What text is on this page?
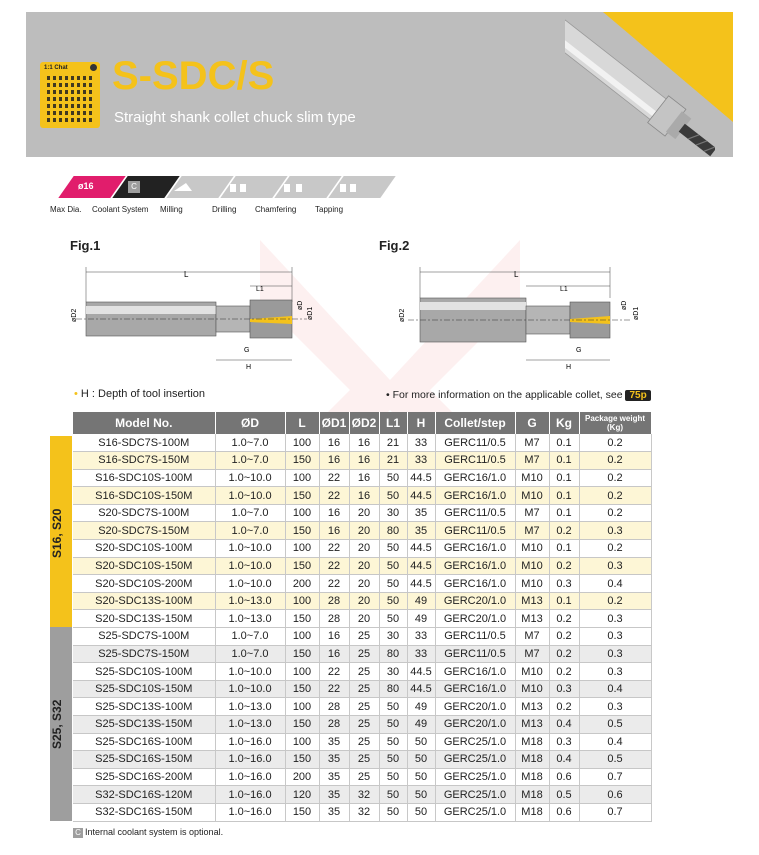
1:1 Chat S-SDC/S
Straight shank collet chuck slim type
ø16	C
Max Dia. Coolant System Milling	Drilling Chamfering Tapping
Fig.1	Fig.2
L
L1
øD2
øD
øD1
G
H
L
L1
øD2
øD
øD1
G
H
• H : Depth of tool insertion	• For more information on the applicable collet, see 75p
S16, S20
S25, S32
Model No.	ØD	L	ØD1	ØD2	L1	H	Collet/step	G	Kg	Package weight (Kg)
S16-SDC7S-100M	1.0~7.0	100	16	16	21	33	GERC11/0.5	M7	0.1	0.2
S16-SDC7S-150M	1.0~7.0	150	16	16	21	33	GERC11/0.5	M7	0.1	0.2
S16-SDC10S-100M	1.0~10.0	100	22	16	50	44.5	GERC16/1.0	M10	0.1	0.2
S16-SDC10S-150M	1.0~10.0	150	22	16	50	44.5	GERC16/1.0	M10	0.1	0.2
S20-SDC7S-100M	1.0~7.0	100	16	20	30	35	GERC11/0.5	M7	0.1	0.2
S20-SDC7S-150M	1.0~7.0	150	16	20	80	35	GERC11/0.5	M7	0.2	0.3
S20-SDC10S-100M	1.0~10.0	100	22	20	50	44.5	GERC16/1.0	M10	0.1	0.2
S20-SDC10S-150M	1.0~10.0	150	22	20	50	44.5	GERC16/1.0	M10	0.2	0.3
S20-SDC10S-200M	1.0~10.0	200	22	20	50	44.5	GERC16/1.0	M10	0.3	0.4
S20-SDC13S-100M	1.0~13.0	100	28	20	50	49	GERC20/1.0	M13	0.1	0.2
S20-SDC13S-150M	1.0~13.0	150	28	20	50	49	GERC20/1.0	M13	0.2	0.3
S25-SDC7S-100M	1.0~7.0	100	16	25	30	33	GERC11/0.5	M7	0.2	0.3
S25-SDC7S-150M	1.0~7.0	150	16	25	80	33	GERC11/0.5	M7	0.2	0.3
S25-SDC10S-100M	1.0~10.0	100	22	25	30	44.5	GERC16/1.0	M10	0.2	0.3
S25-SDC10S-150M	1.0~10.0	150	22	25	80	44.5	GERC16/1.0	M10	0.3	0.4
S25-SDC13S-100M	1.0~13.0	100	28	25	50	49	GERC20/1.0	M13	0.2	0.3
S25-SDC13S-150M	1.0~13.0	150	28	25	50	49	GERC20/1.0	M13	0.4	0.5
S25-SDC16S-100M	1.0~16.0	100	35	25	50	50	GERC25/1.0	M18	0.3	0.4
S25-SDC16S-150M	1.0~16.0	150	35	25	50	50	GERC25/1.0	M18	0.4	0.5
S25-SDC16S-200M	1.0~16.0	200	35	25	50	50	GERC25/1.0	M18	0.6	0.7
S32-SDC16S-120M	1.0~16.0	120	35	32	50	50	GERC25/1.0	M18	0.5	0.6
S32-SDC16S-150M	1.0~16.0	150	35	32	50	50	GERC25/1.0	M18	0.6	0.7
C Internal coolant system is optional.
